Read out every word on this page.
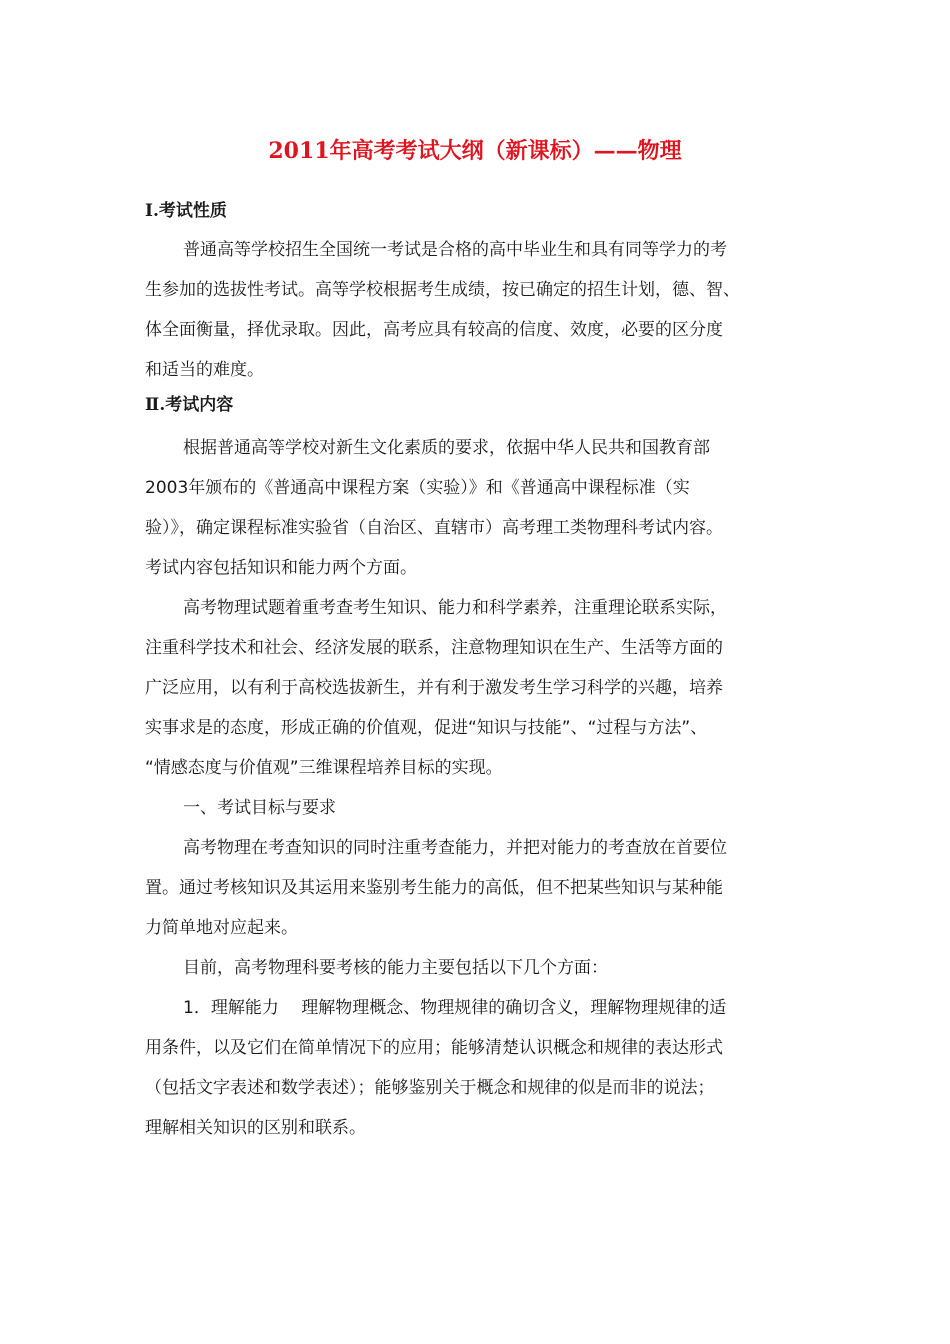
2011年高考考试大纲（新课标）——物理

Ⅰ.考试性质

普通高等学校招生全国统一考试是合格的高中毕业生和具有同等学力的考

生参加的选拔性考试。高等学校根据考生成绩，按已确定的招生计划，德、智、

体全面衡量，择优录取。因此，高考应具有较高的信度、效度，必要的区分度

和适当的难度。

Ⅱ.考试内容

根据普通高等学校对新生文化素质的要求，依据中华人民共和国教育部

2003年颁布的《普通高中课程方案（实验）》和《普通高中课程标准（实

验）》，确定课程标准实验省（自治区、直辖市）高考理工类物理科考试内容。

考试内容包括知识和能力两个方面。

高考物理试题着重考查考生知识、能力和科学素养，注重理论联系实际，

注重科学技术和社会、经济发展的联系，注意物理知识在生产、生活等方面的

广泛应用，以有利于高校选拔新生，并有利于激发考生学习科学的兴趣，培养

实事求是的态度，形成正确的价值观，促进“知识与技能”、“过程与方法”、

“情感态度与价值观”三维课程培养目标的实现。

一、考试目标与要求

高考物理在考查知识的同时注重考查能力，并把对能力的考查放在首要位

置。通过考核知识及其运用来鉴别考生能力的高低，但不把某些知识与某种能

力简单地对应起来。

目前，高考物理科要考核的能力主要包括以下几个方面：

1．理解能力　 理解物理概念、物理规律的确切含义，理解物理规律的适

用条件，以及它们在简单情况下的应用；能够清楚认识概念和规律的表达形式

（包括文字表述和数学表述）；能够鉴别关于概念和规律的似是而非的说法；

理解相关知识的区别和联系。
